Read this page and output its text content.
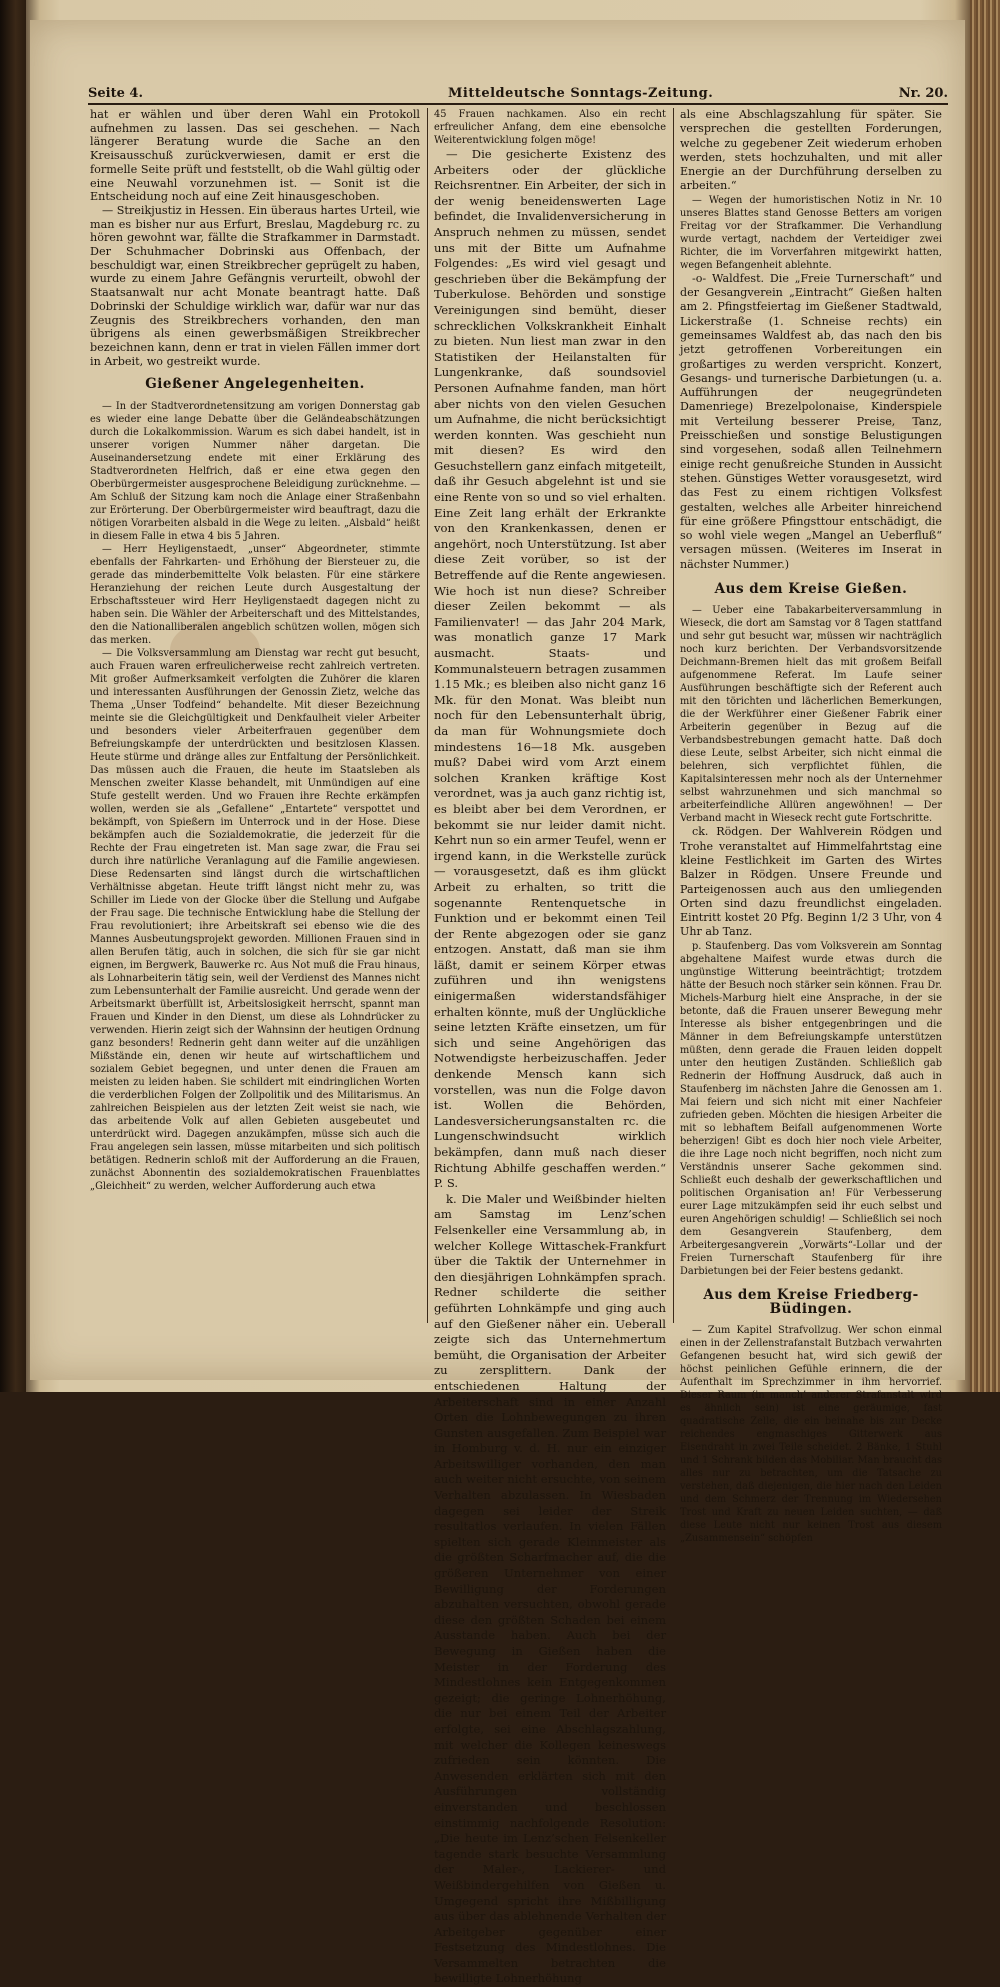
Seite 4.	Mitteldeutsche Sonntags-Zeitung.	Nr. 20.

hat er wählen und über deren Wahl ein Protokoll aufnehmen zu lassen. Das sei geschehen. — Nach längerer Beratung wurde die Sache an den Kreisausschuß zurückverwiesen, damit er erst die formelle Seite prüft und feststellt, ob die Wahl gültig oder eine Neuwahl vorzunehmen ist. — Sonit ist die Entscheidung noch auf eine Zeit hinausgeschoben.

— Streikjustiz in Hessen. Ein überaus hartes Urteil, wie man es bisher nur aus Erfurt, Breslau, Magdeburg rc. zu hören gewohnt war, fällte die Strafkammer in Darmstadt. Der Schuhmacher Dobrinski aus Offenbach, der beschuldigt war, einen Streikbrecher geprügelt zu haben, wurde zu einem Jahre Gefängnis verurteilt, obwohl der Staatsanwalt nur acht Monate beantragt hatte. Daß Dobrinski der Schuldige wirklich war, dafür war nur das Zeugnis des Streikbrechers vorhanden, den man übrigens als einen gewerbsmäßigen Streikbrecher bezeichnen kann, denn er trat in vielen Fällen immer dort in Arbeit, wo gestreikt wurde.

Gießener Angelegenheiten.

— In der Stadtverordnetensitzung am vorigen Donnerstag gab es wieder eine lange Debatte über die Geländeabschätzungen durch die Lokalkommission. Warum es sich dabei handelt, ist in unserer vorigen Nummer näher dargetan. Die Auseinandersetzung endete mit einer Erklärung des Stadtverordneten Helfrich, daß er eine etwa gegen den Oberbürgermeister ausgesprochene Beleidigung zurücknehme. — Am Schluß der Sitzung kam noch die Anlage einer Straßenbahn zur Erörterung. Der Oberbürgermeister wird beauftragt, dazu die nötigen Vorarbeiten alsbald in die Wege zu leiten. „Alsbald“ heißt in diesem Falle in etwa 4 bis 5 Jahren.

— Herr Heyligenstaedt, „unser“ Abgeordneter, stimmte ebenfalls der Fahrkarten- und Erhöhung der Biersteuer zu, die gerade das minderbemittelte Volk belasten. Für eine stärkere Heranziehung der reichen Leute durch Ausgestaltung der Erbschaftssteuer wird Herr Heyligenstaedt dagegen nicht zu haben sein. Die Wähler der Arbeiterschaft und des Mittelstandes, den die Nationalliberalen angeblich schützen wollen, mögen sich das merken.

— Die Volksversammlung am Dienstag war recht gut besucht, auch Frauen waren erfreulicherweise recht zahlreich vertreten. Mit großer Aufmerksamkeit verfolgten die Zuhörer die klaren und interessanten Ausführungen der Genossin Zietz, welche das Thema „Unser Todfeind“ behandelte. Mit dieser Bezeichnung meinte sie die Gleichgültigkeit und Denkfaulheit vieler Arbeiter und besonders vieler Arbeiterfrauen gegenüber dem Befreiungskampfe der unterdrückten und besitzlosen Klassen. Heute stürme und dränge alles zur Entfaltung der Persönlichkeit. Das müssen auch die Frauen, die heute im Staatsleben als Menschen zweiter Klasse behandelt, mit Unmündigen auf eine Stufe gestellt werden. Und wo Frauen ihre Rechte erkämpfen wollen, werden sie als „Gefallene“ „Entartete“ verspottet und bekämpft, von Spießern im Unterrock und in der Hose. Diese bekämpfen auch die Sozialdemokratie, die jederzeit für die Rechte der Frau eingetreten ist. Man sage zwar, die Frau sei durch ihre natürliche Veranlagung auf die Familie angewiesen. Diese Redensarten sind längst durch die wirtschaftlichen Verhältnisse abgetan. Heute trifft längst nicht mehr zu, was Schiller im Liede von der Glocke über die Stellung und Aufgabe der Frau sage. Die technische Entwicklung habe die Stellung der Frau revolutioniert; ihre Arbeitskraft sei ebenso wie die des Mannes Ausbeutungsprojekt geworden. Millionen Frauen sind in allen Berufen tätig, auch in solchen, die sich für sie gar nicht eignen, im Bergwerk, Bauwerke rc. Aus Not muß die Frau hinaus, als Lohnarbeiterin tätig sein, weil der Verdienst des Mannes nicht zum Lebensunterhalt der Familie ausreicht. Und gerade wenn der Arbeitsmarkt überfüllt ist, Arbeitslosigkeit herrscht, spannt man Frauen und Kinder in den Dienst, um diese als Lohndrücker zu verwenden. Hierin zeigt sich der Wahnsinn der heutigen Ordnung ganz besonders! Rednerin geht dann weiter auf die unzähligen Mißstände ein, denen wir heute auf wirtschaftlichem und sozialem Gebiet begegnen, und unter denen die Frauen am meisten zu leiden haben. Sie schildert mit eindringlichen Worten die verderblichen Folgen der Zollpolitik und des Militarismus. An zahlreichen Beispielen aus der letzten Zeit weist sie nach, wie das arbeitende Volk auf allen Gebieten ausgebeutet und unterdrückt wird. Dagegen anzukämpfen, müsse sich auch die Frau angelegen sein lassen, müsse mitarbeiten und sich politisch betätigen. Rednerin schloß mit der Aufforderung an die Frauen, zunächst Abonnentin des sozialdemokratischen Frauenblattes „Gleichheit“ zu werden, welcher Aufforderung auch etwa

45 Frauen nachkamen. Also ein recht erfreulicher Anfang, dem eine ebensolche Weiterentwicklung folgen möge!

— Die gesicherte Existenz des Arbeiters oder der glückliche Reichsrentner. Ein Arbeiter, der sich in der wenig beneidenswerten Lage befindet, die Invalidenversicherung in Anspruch nehmen zu müssen, sendet uns mit der Bitte um Aufnahme Folgendes: „Es wird viel gesagt und geschrieben über die Bekämpfung der Tuberkulose. Behörden und sonstige Vereinigungen sind bemüht, dieser schrecklichen Volkskrankheit Einhalt zu bieten. Nun liest man zwar in den Statistiken der Heilanstalten für Lungenkranke, daß soundsoviel Personen Aufnahme fanden, man hört aber nichts von den vielen Gesuchen um Aufnahme, die nicht berücksichtigt werden konnten. Was geschieht nun mit diesen? Es wird den Gesuchstellern ganz einfach mitgeteilt, daß ihr Gesuch abgelehnt ist und sie eine Rente von so und so viel erhalten. Eine Zeit lang erhält der Erkrankte von den Krankenkassen, denen er angehört, noch Unterstützung. Ist aber diese Zeit vorüber, so ist der Betreffende auf die Rente angewiesen. Wie hoch ist nun diese? Schreiber dieser Zeilen bekommt — als Familienvater! — das Jahr 204 Mark, was monatlich ganze 17 Mark ausmacht. Staats- und Kommunalsteuern betragen zusammen 1.15 Mk.; es bleiben also nicht ganz 16 Mk. für den Monat. Was bleibt nun noch für den Lebensunterhalt übrig, da man für Wohnungsmiete doch mindestens 16—18 Mk. ausgeben muß? Dabei wird vom Arzt einem solchen Kranken kräftige Kost verordnet, was ja auch ganz richtig ist, es bleibt aber bei dem Verordnen, er bekommt sie nur leider damit nicht. Kehrt nun so ein armer Teufel, wenn er irgend kann, in die Werkstelle zurück — vorausgesetzt, daß es ihm glückt Arbeit zu erhalten, so tritt die sogenannte Rentenquetsche in Funktion und er bekommt einen Teil der Rente abgezogen oder sie ganz entzogen. Anstatt, daß man sie ihm läßt, damit er seinem Körper etwas zuführen und ihn wenigstens einigermaßen widerstandsfähiger erhalten könnte, muß der Unglückliche seine letzten Kräfte einsetzen, um für sich und seine Angehörigen das Notwendigste herbeizuschaffen. Jeder denkende Mensch kann sich vorstellen, was nun die Folge davon ist. Wollen die Behörden, Landesversicherungsanstalten rc. die Lungenschwindsucht wirklich bekämpfen, dann muß nach dieser Richtung Abhilfe geschaffen werden.“ P. S.

k. Die Maler und Weißbinder hielten am Samstag im Lenz’schen Felsenkeller eine Versammlung ab, in welcher Kollege Wittaschek-Frankfurt über die Taktik der Unternehmer in den diesjährigen Lohnkämpfen sprach. Redner schilderte die seither geführten Lohnkämpfe und ging auch auf den Gießener näher ein. Ueberall zeigte sich das Unternehmertum bemüht, die Organisation der Arbeiter zu zersplittern. Dank der entschiedenen Haltung der Arbeiterschaft sind in einer Anzahl Orten die Lohnbewegungen zu ihren Gunsten ausgefallen. Zum Beispiel war in Homburg v. d. H. nur ein einziger Arbeitswilliger vorhanden, den man auch weiter nicht ersuchte, von seinem Verhalten abzulassen. In Wiesbaden dagegen sei leider der Streik resultatlos verlaufen. In vielen Fällen spielten sich gerade Kleinmeister als die größten Scharfmacher auf, die die größeren Unternehmer von einer Bewilligung der Forderungen abzuhalten versuchten, obwohl gerade diese den größten Schaden bei einem Ausstande haben. Auch bei der Bewegung in Gießen haben die Meister in der Forderung des Mindestlohnes kein Entgegenkommen gezeigt; die geringe Lohnerhöhung, die nur bei einem Teil der Arbeiter erfolgte, sei eine Abschlagszahlung, mit welcher die Kollegen keineswegs zufrieden sein könnten. Die Anwesenden erklärten sich mit den Ausführungen vollständig einverstanden und beschlossen einstimmig nachfolgende Resolution: „Die heute im Lenz’schen Felsenkeller tagende stark besuchte Versammlung der Maler-, Lackierer- und Weißbindergehilfen von Gießen u. Umgegend spricht ihre Mißbilligung aus über das ablehnende Verhalten der Arbeitgeber gegenüber einer Festsetzung des Mindestlohnes. Die Versammelten betrachten die bewilligte Lohnerhöhung

als eine Abschlagszahlung für später. Sie versprechen die gestellten Forderungen, welche zu gegebener Zeit wiederum erhoben werden, stets hochzuhalten, und mit aller Energie an der Durchführung derselben zu arbeiten.“

— Wegen der humoristischen Notiz in Nr. 10 unseres Blattes stand Genosse Betters am vorigen Freitag vor der Strafkammer. Die Verhandlung wurde vertagt, nachdem der Verteidiger zwei Richter, die im Vorverfahren mitgewirkt hatten, wegen Befangenheit ablehnte.

-o- Waldfest. Die „Freie Turnerschaft“ und der Gesangverein „Eintracht“ Gießen halten am 2. Pfingstfeiertag im Gießener Stadtwald, Lickerstraße (1. Schneise rechts) ein gemeinsames Waldfest ab, das nach den bis jetzt getroffenen Vorbereitungen ein großartiges zu werden verspricht. Konzert, Gesangs- und turnerische Darbietungen (u. a. Aufführungen der neugegründeten Damenriege) Brezelpolonaise, Kinderspiele mit Verteilung besserer Preise, Tanz, Preisschießen und sonstige Belustigungen sind vorgesehen, sodaß allen Teilnehmern einige recht genußreiche Stunden in Aussicht stehen. Günstiges Wetter vorausgesetzt, wird das Fest zu einem richtigen Volksfest gestalten, welches alle Arbeiter hinreichend für eine größere Pfingsttour entschädigt, die so wohl viele wegen „Mangel an Ueberfluß“ versagen müssen. (Weiteres im Inserat in nächster Nummer.)

Aus dem Kreise Gießen.

— Ueber eine Tabakarbeiterversammlung in Wieseck, die dort am Samstag vor 8 Tagen stattfand und sehr gut besucht war, müssen wir nachträglich noch kurz berichten. Der Verbandsvorsitzende Deichmann-Bremen hielt das mit großem Beifall aufgenommene Referat. Im Laufe seiner Ausführungen beschäftigte sich der Referent auch mit den törichten und lächerlichen Bemerkungen, die der Werkführer einer Gießener Fabrik einer Arbeiterin gegenüber in Bezug auf die Verbandsbestrebungen gemacht hatte. Daß doch diese Leute, selbst Arbeiter, sich nicht einmal die belehren, sich verpflichtet fühlen, die Kapitalsinteressen mehr noch als der Unternehmer selbst wahrzunehmen und sich manchmal so arbeiterfeindliche Allüren angewöhnen! — Der Verband macht in Wieseck recht gute Fortschritte.

ck. Rödgen. Der Wahlverein Rödgen und Trohe veranstaltet auf Himmelfahrtstag eine kleine Festlichkeit im Garten des Wirtes Balzer in Rödgen. Unsere Freunde und Parteigenossen auch aus den umliegenden Orten sind dazu freundlichst eingeladen. Eintritt kostet 20 Pfg. Beginn 1/2 3 Uhr, von 4 Uhr ab Tanz.

p. Staufenberg. Das vom Volksverein am Sonntag abgehaltene Maifest wurde etwas durch die ungünstige Witterung beeinträchtigt; trotzdem hätte der Besuch noch stärker sein können. Frau Dr. Michels-Marburg hielt eine Ansprache, in der sie betonte, daß die Frauen unserer Bewegung mehr Interesse als bisher entgegenbringen und die Männer in dem Befreiungskampfe unterstützen müßten, denn gerade die Frauen leiden doppelt unter den heutigen Zuständen. Schließlich gab Rednerin der Hoffnung Ausdruck, daß auch in Staufenberg im nächsten Jahre die Genossen am 1. Mai feiern und sich nicht mit einer Nachfeier zufrieden geben. Möchten die hiesigen Arbeiter die mit so lebhaftem Beifall aufgenommenen Worte beherzigen! Gibt es doch hier noch viele Arbeiter, die ihre Lage noch nicht begriffen, noch nicht zum Verständnis unserer Sache gekommen sind. Schließt euch deshalb der gewerkschaftlichen und politischen Organisation an! Für Verbesserung eurer Lage mitzukämpfen seid ihr euch selbst und euren Angehörigen schuldig! — Schließlich sei noch dem Gesangverein Staufenberg, dem Arbeitergesangverein „Vorwärts“-Lollar und der Freien Turnerschaft Staufenberg für ihre Darbietungen bei der Feier bestens gedankt.

Aus dem Kreise Friedberg-Büdingen.

— Zum Kapitel Strafvollzug. Wer schon einmal einen in der Zellenstrafanstalt Butzbach verwahrten Gefangenen besucht hat, wird sich gewiß der höchst peinlichen Gefühle erinnern, die der Aufenthalt im Sprechzimmer in ihm hervorrief. Dieser Raum (in manch’ anderer Strafanstalt wird es ähnlich sein) ist eine geräumige, fast quadratische Zelle, die ein beinahe bis zur Decke reichendes engmaschiges Gitterwerk aus Eisendraht in zwei Teile scheidet. 2 Bänke, 1 Stuhl und 1 Schrank bilden das Mobiliar. Man braucht das alles nur zu betrachten, um die Tatsache zu verstehen, daß diejenigen, die hier nach den Leiden und dem Schmerz der Trennung im Wiedersehen Trost und Kraft zu neuen Leiden suchten, — daß diese Leute nicht nur keinen Trost aus diesem „Zusammensein“ schöpfen
